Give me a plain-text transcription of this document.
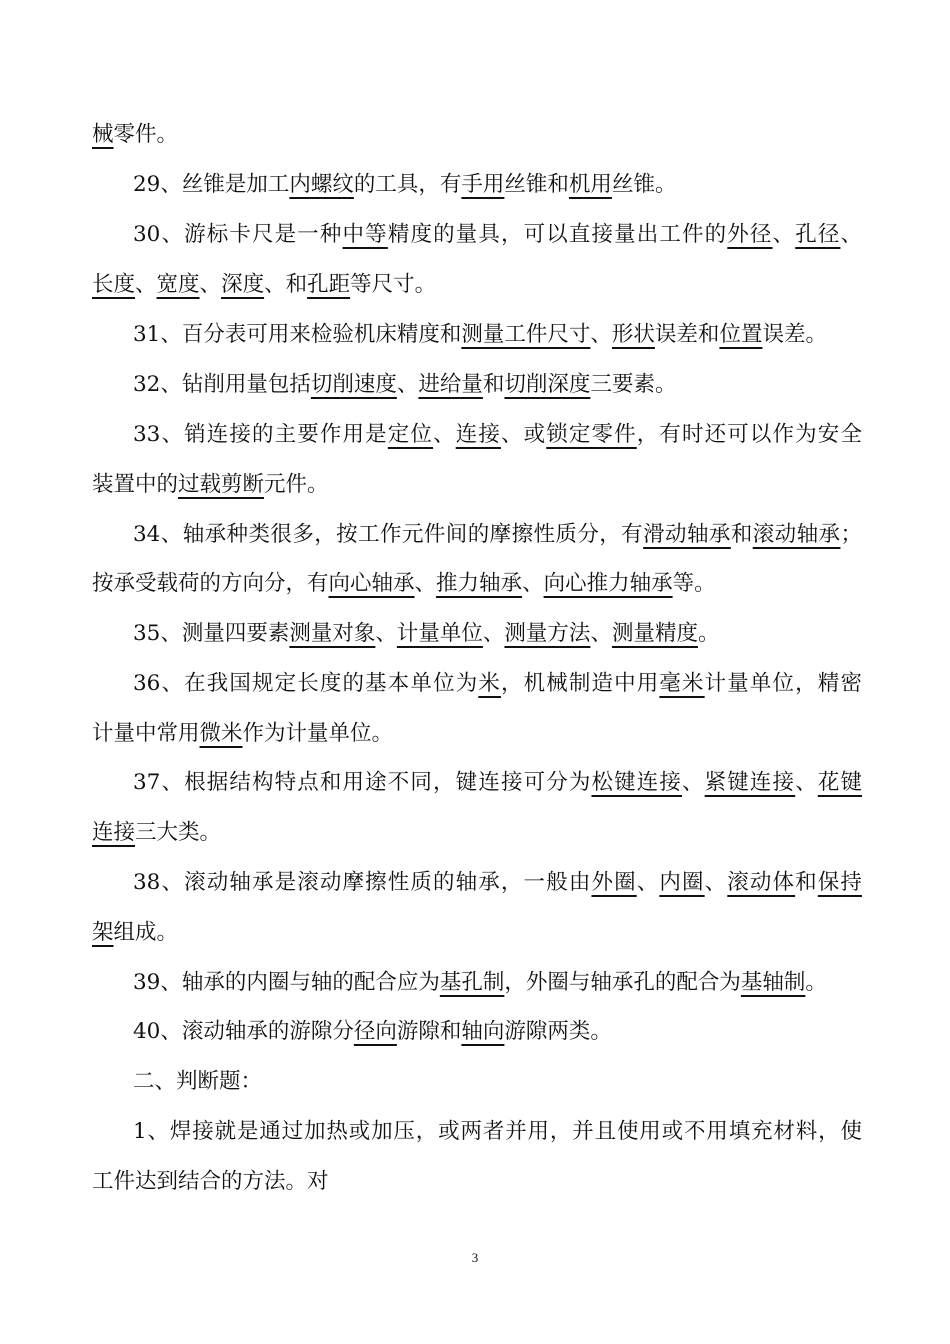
械零件。
29、丝锥是加工内螺纹的工具，有手用丝锥和机用丝锥。
30、游标卡尺是一种中等精度的量具，可以直接量出工件的外径、孔径、
长度、宽度、深度、和孔距等尺寸。
31、百分表可用来检验机床精度和测量工件尺寸、形状误差和位置误差。
32、钻削用量包括切削速度、进给量和切削深度三要素。
33、销连接的主要作用是定位、连接、或锁定零件，有时还可以作为安全
装置中的过载剪断元件。
34、轴承种类很多，按工作元件间的摩擦性质分，有滑动轴承和滚动轴承；
按承受载荷的方向分，有向心轴承、推力轴承、向心推力轴承等。
35、测量四要素测量对象、计量单位、测量方法、测量精度。
36、在我国规定长度的基本单位为米，机械制造中用毫米计量单位，精密
计量中常用微米作为计量单位。
37、根据结构特点和用途不同，键连接可分为松键连接、紧键连接、花键
连接三大类。
38、滚动轴承是滚动摩擦性质的轴承，一般由外圈、内圈、滚动体和保持
架组成。
39、轴承的内圈与轴的配合应为基孔制，外圈与轴承孔的配合为基轴制。
40、滚动轴承的游隙分径向游隙和轴向游隙两类。
二、判断题：
1、焊接就是通过加热或加压，或两者并用，并且使用或不用填充材料，使
工件达到结合的方法。对
3
